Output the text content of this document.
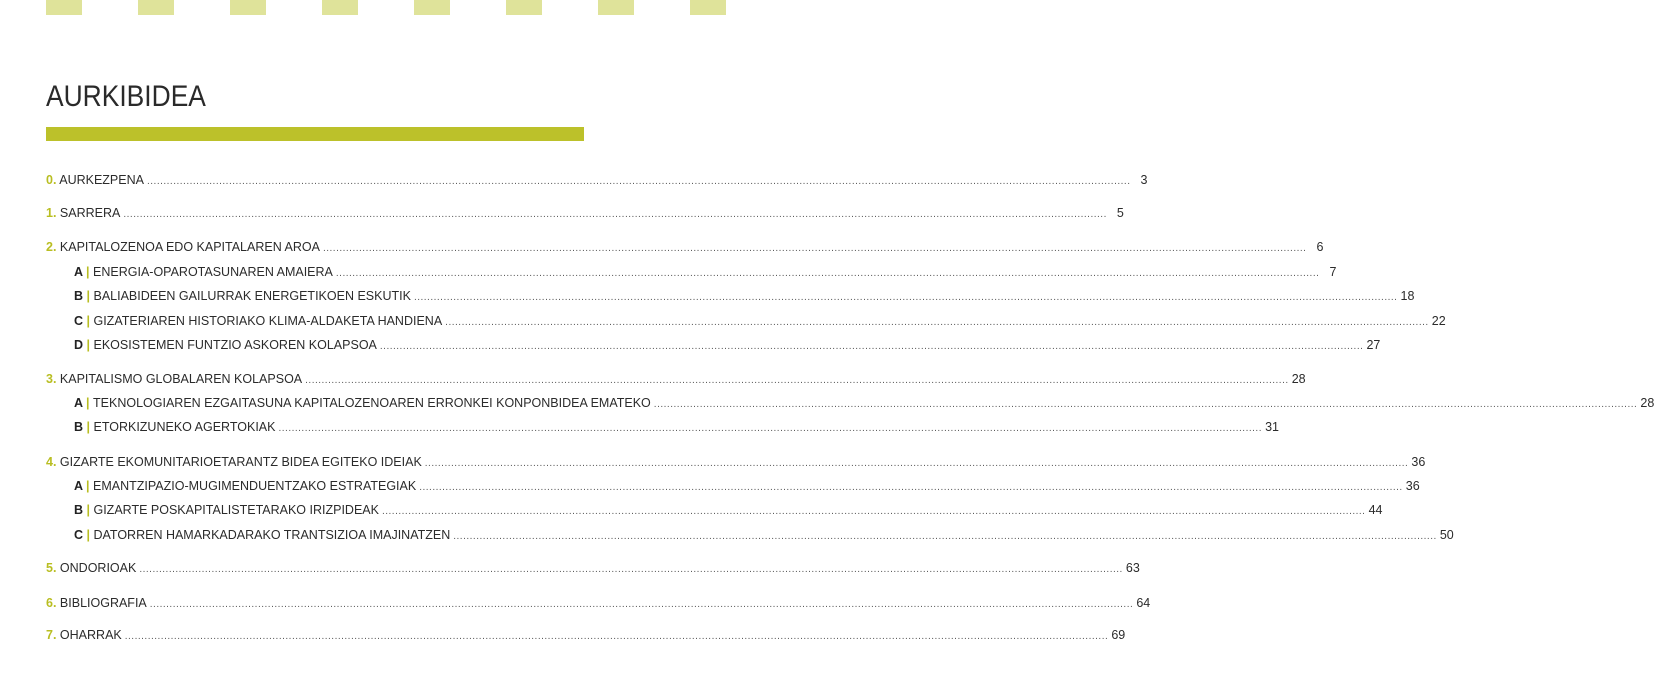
AURKIBIDEA
0. AURKEZPENA ............................................................................................................................................................................................................................................................................................................ 3
1. SARRERA ............................................................................................................................................................................................................................................................................................................ 5
2. KAPITALOZENOA EDO KAPITALAREN AROA ............................................................................................................................................................................................................................................................................................................ 6
A | ENERGIA-OPAROTASUNAREN AMAIERA ............................................................................................................................................................................................................................................................................................................ 7
B | BALIABIDEEN GAILURRAK ENERGETIKOEN ESKUTIK ............................................................................................................................................................................................................................................................................................................ 18
C | GIZATERIAREN HISTORIAKO KLIMA-ALDAKETA HANDIENA ............................................................................................................................................................................................................................................................................................................ 22
D | EKOSISTEMEN FUNTZIO ASKOREN KOLAPSOA ............................................................................................................................................................................................................................................................................................................ 27
3. KAPITALISMO GLOBALAREN KOLAPSOA ............................................................................................................................................................................................................................................................................................................ 28
A | TEKNOLOGIAREN EZGAITASUNA KAPITALOZENOAREN ERRONKEI KONPONBIDEA EMATEKO ............................................................................................................................................................................................................................................................................................................ 28
B | ETORKIZUNEKO AGERTOKIAK ............................................................................................................................................................................................................................................................................................................ 31
4. GIZARTE EKOMUNITARIOETARANTZ BIDEA EGITEKO IDEIAK ............................................................................................................................................................................................................................................................................................................ 36
A | EMANTZIPAZIO-MUGIMENDUENTZAKO ESTRATEGIAK ............................................................................................................................................................................................................................................................................................................ 36
B | GIZARTE POSKAPITALISTETARAKO IRIZPIDEAK ............................................................................................................................................................................................................................................................................................................ 44
C | DATORREN HAMARKADARAKO TRANTSIZIOA IMAJINATZEN ............................................................................................................................................................................................................................................................................................................ 50
5. ONDORIOAK ............................................................................................................................................................................................................................................................................................................ 63
6. BIBLIOGRAFIA ............................................................................................................................................................................................................................................................................................................ 64
7. OHARRAK ............................................................................................................................................................................................................................................................................................................ 69
